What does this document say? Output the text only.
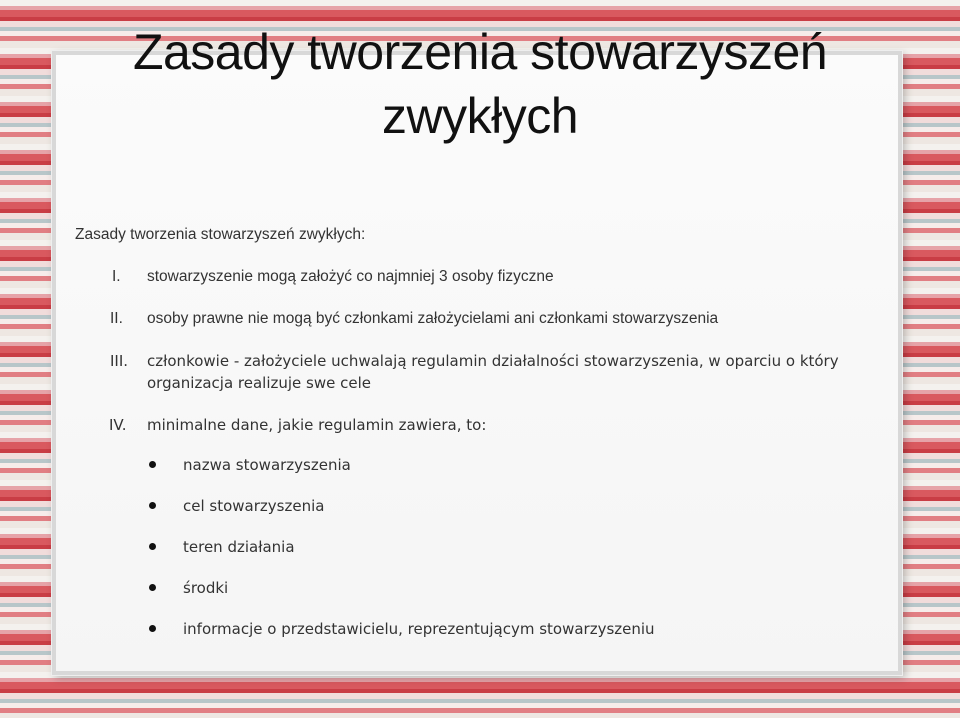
Zasady tworzenia stowarzyszeń
zwykłych
Zasady tworzenia stowarzyszeń zwykłych:
I.	stowarzyszenie mogą założyć co najmniej 3 osoby fizyczne
II.	osoby prawne nie mogą być członkami założycielami ani członkami stowarzyszenia
III.	członkowie - założyciele uchwalają regulamin działalności stowarzyszenia, w oparciu o który organizacja realizuje swe cele
IV.	minimalne dane, jakie regulamin zawiera, to:
nazwa stowarzyszenia
cel stowarzyszenia
teren działania
środki
informacje o przedstawicielu, reprezentującym stowarzyszeniu
